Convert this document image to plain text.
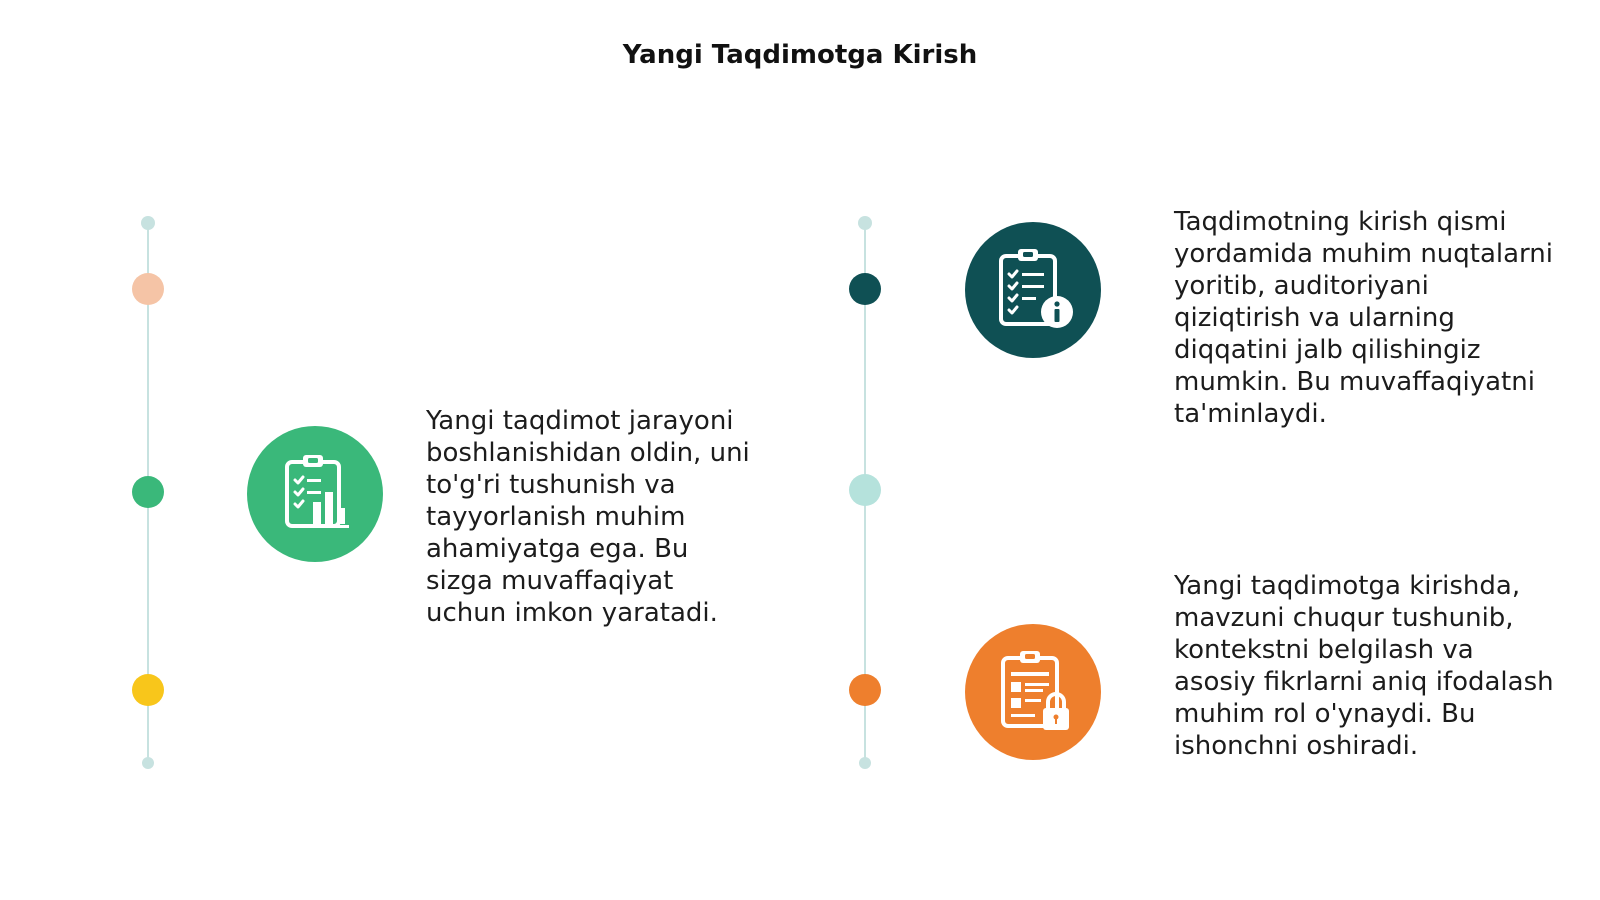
Yangi Taqdimotga Kirish
Yangi taqdimot jarayoni boshlanishidan oldin, uni to'g'ri tushunish va tayyorlanish muhim ahamiyatga ega. Bu sizga muvaffaqiyat uchun imkon yaratadi.
Taqdimotning kirish qismi yordamida muhim nuqtalarni yoritib, auditoriyani qiziqtirish va ularning diqqatini jalb qilishingiz mumkin. Bu muvaffaqiyatni ta'minlaydi.
Yangi taqdimotga kirishda, mavzuni chuqur tushunib, kontekstni belgilash va asosiy fikrlarni aniq ifodalash muhim rol o'ynaydi. Bu ishonchni oshiradi.
